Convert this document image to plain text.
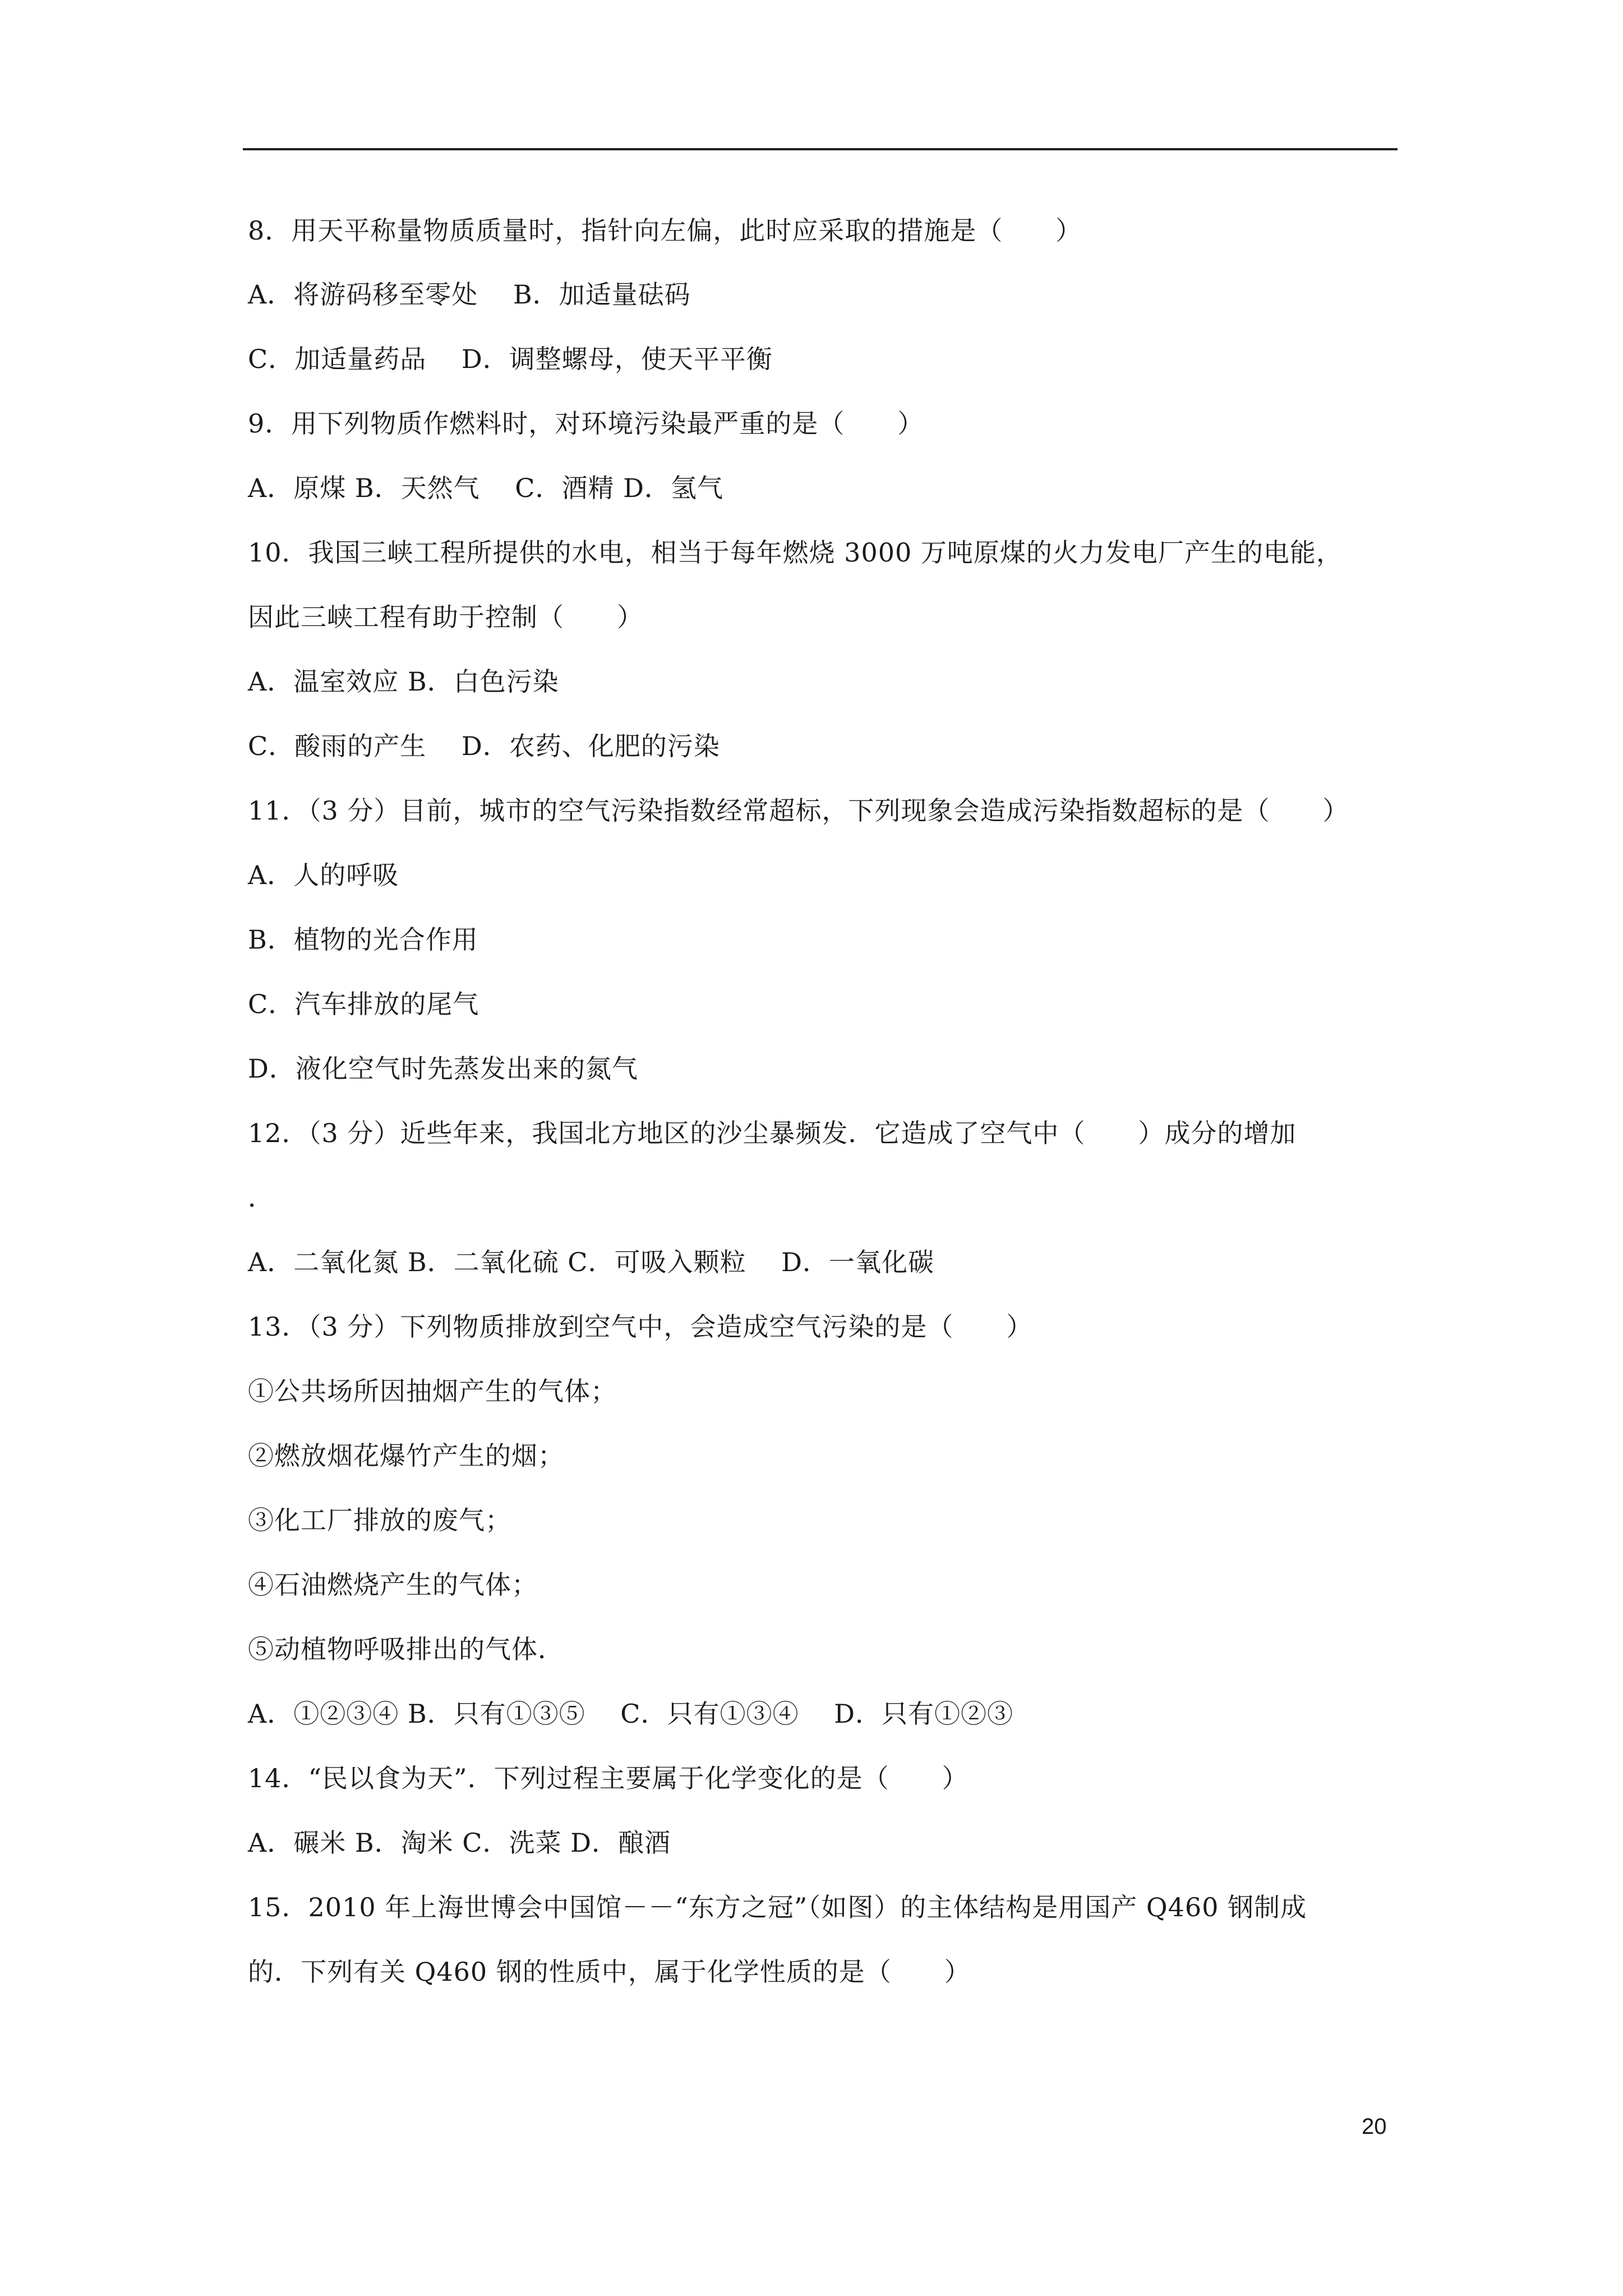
8．用天平称量物质质量时，指针向左偏，此时应采取的措施是（　　）
A．将游码移至零处　 B．加适量砝码
C．加适量药品　 D．调整螺母，使天平平衡
9．用下列物质作燃料时，对环境污染最严重的是（　　）
A．原煤 B．天然气　 C．酒精 D．氢气
10．我国三峡工程所提供的水电，相当于每年燃烧 3000 万吨原煤的火力发电厂产生的电能，
因此三峡工程有助于控制（　　）
A．温室效应 B．白色污染
C．酸雨的产生　 D．农药、化肥的污染
11．（3 分）目前，城市的空气污染指数经常超标，下列现象会造成污染指数超标的是（　　）
A．人的呼吸
B．植物的光合作用
C．汽车排放的尾气
D．液化空气时先蒸发出来的氮气
12．（3 分）近些年来，我国北方地区的沙尘暴频发．它造成了空气中（　　）成分的增加
．
A．二氧化氮 B．二氧化硫 C．可吸入颗粒　 D．一氧化碳
13．（3 分）下列物质排放到空气中，会造成空气污染的是（　　）
①公共场所因抽烟产生的气体；
②燃放烟花爆竹产生的烟；
③化工厂排放的废气；
④石油燃烧产生的气体；
⑤动植物呼吸排出的气体．
A．①②③④ B．只有①③⑤　 C．只有①③④　 D．只有①②③
14．“民以食为天”．下列过程主要属于化学变化的是（　　）
A．碾米 B．淘米 C．洗菜 D．酿酒
15．2010 年上海世博会中国馆－－“东方之冠”（如图）的主体结构是用国产 Q460 钢制成
的．下列有关 Q460 钢的性质中，属于化学性质的是（　　）
20
